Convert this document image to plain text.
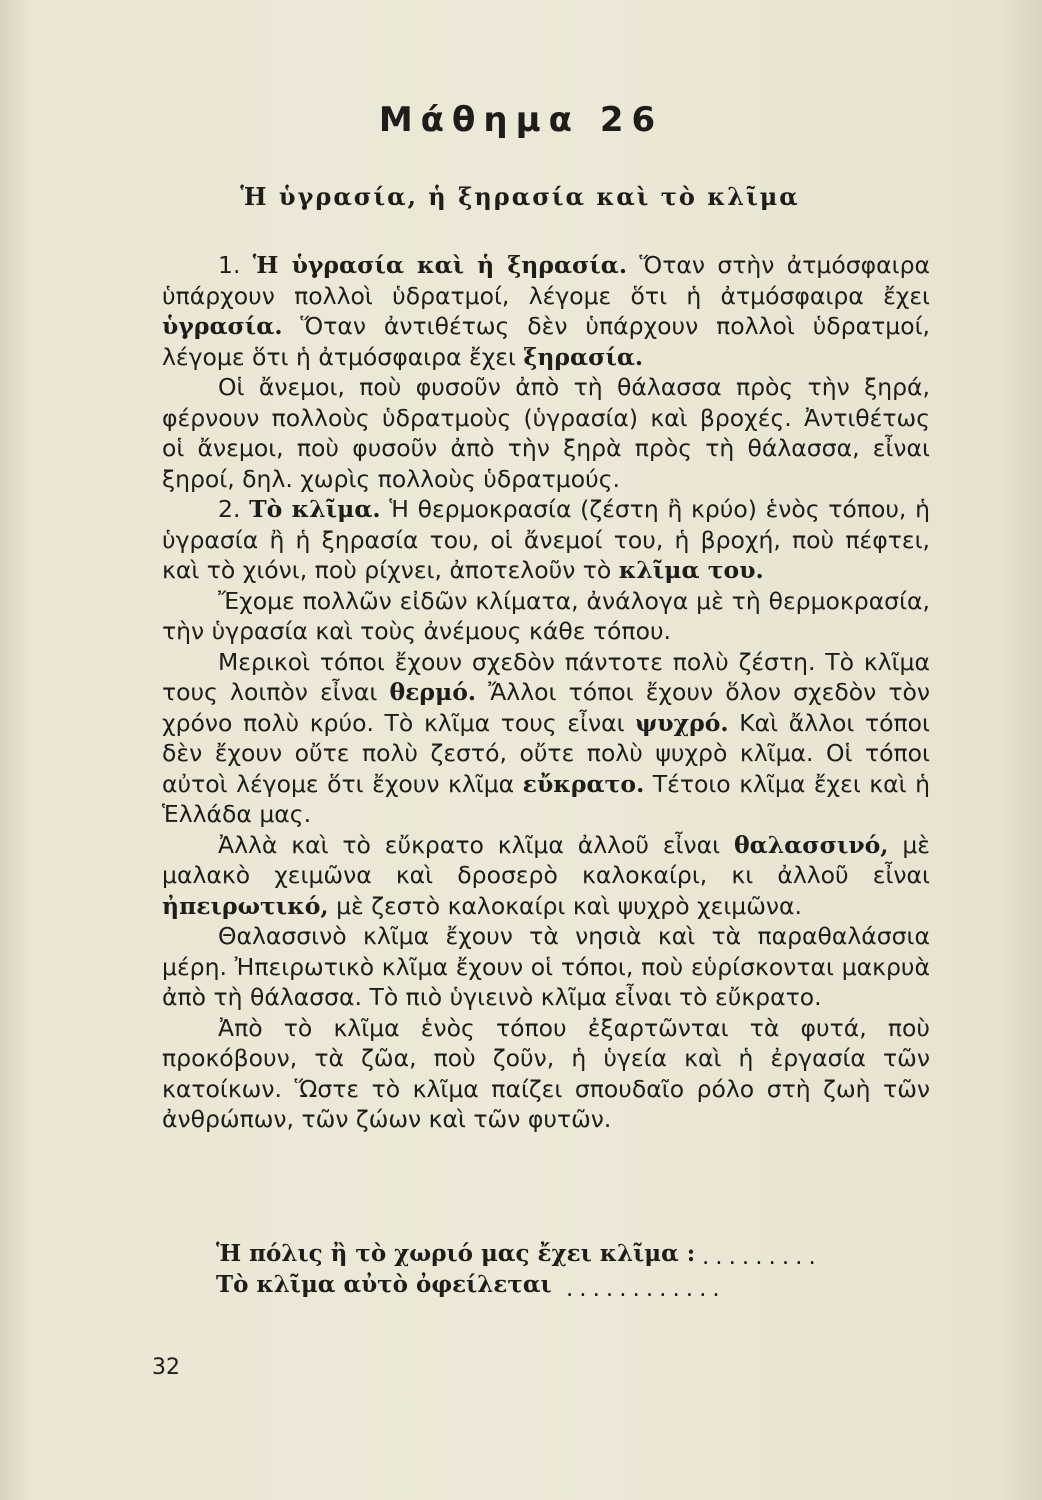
Μάθημα 26
Ἡ ὑγρασία, ἡ ξηρασία καὶ τὸ κλῖμα

1. Ἡ ὑγρασία καὶ ἡ ξηρασία. Ὅταν στὴν ἀτμόσφαιρα ὑπάρχουν πολλοὶ ὑδρατμοί, λέγομε ὅτι ἡ ἀτμόσφαιρα ἔχει ὑγρασία. Ὅταν ἀντιθέτως δὲν ὑπάρχουν πολλοὶ ὑδρατμοί, λέγομε ὅτι ἡ ἀτμόσφαιρα ἔχει ξηρασία.

Οἱ ἄνεμοι, ποὺ φυσοῦν ἀπὸ τὴ θάλασσα πρὸς τὴν ξηρά, φέρνουν πολλοὺς ὑδρατμοὺς (ὑγρασία) καὶ βροχές. Ἀντιθέτως οἱ ἄνεμοι, ποὺ φυσοῦν ἀπὸ τὴν ξηρὰ πρὸς τὴ θάλασσα, εἶναι ξηροί, δηλ. χωρὶς πολλοὺς ὑδρατμούς.

2. Τὸ κλῖμα. Ἡ θερμοκρασία (ζέστη ἢ κρύο) ἑνὸς τόπου, ἡ ὑγρασία ἢ ἡ ξηρασία του, οἱ ἄνεμοί του, ἡ βροχή, ποὺ πέφτει, καὶ τὸ χιόνι, ποὺ ρίχνει, ἀποτελοῦν τὸ κλῖμα του.

Ἔχομε πολλῶν εἰδῶν κλίματα, ἀνάλογα μὲ τὴ θερμοκρασία, τὴν ὑγρασία καὶ τοὺς ἀνέμους κάθε τόπου.

Μερικοὶ τόποι ἔχουν σχεδὸν πάντοτε πολὺ ζέστη. Τὸ κλῖμα τους λοιπὸν εἶναι θερμό. Ἄλλοι τόποι ἔχουν ὅλον σχεδὸν τὸν χρόνο πολὺ κρύο. Τὸ κλῖμα τους εἶναι ψυχρό. Καὶ ἄλλοι τόποι δὲν ἔχουν οὔτε πολὺ ζεστό, οὔτε πολὺ ψυχρὸ κλῖμα. Οἱ τόποι αὐτοὶ λέγομε ὅτι ἔχουν κλῖμα εὔκρατο. Τέτοιο κλῖμα ἔχει καὶ ἡ Ἑλλάδα μας.

Ἀλλὰ καὶ τὸ εὔκρατο κλῖμα ἀλλοῦ εἶναι θαλασσινό, μὲ μαλακὸ χειμῶνα καὶ δροσερὸ καλοκαίρι, κι ἀλλοῦ εἶναι ἠπειρωτικό, μὲ ζεστὸ καλοκαίρι καὶ ψυχρὸ χειμῶνα.

Θαλασσινὸ κλῖμα ἔχουν τὰ νησιὰ καὶ τὰ παραθαλάσσια μέρη. Ἠπειρωτικὸ κλῖμα ἔχουν οἱ τόποι, ποὺ εὑρίσκονται μακρυὰ ἀπὸ τὴ θάλασσα. Τὸ πιὸ ὑγιεινὸ κλῖμα εἶναι τὸ εὔκρατο.

Ἀπὸ τὸ κλῖμα ἑνὸς τόπου ἐξαρτῶνται τὰ φυτά, ποὺ προκόβουν, τὰ ζῶα, ποὺ ζοῦν, ἡ ὑγεία καὶ ἡ ἐργασία τῶν κατοίκων. Ὥστε τὸ κλῖμα παίζει σπουδαῖο ρόλο στὴ ζωὴ τῶν ἀνθρώπων, τῶν ζώων καὶ τῶν φυτῶν.

Ἡ πόλις ἢ τὸ χωριό μας ἔχει κλῖμα : .........
Τὸ κλῖμα αὐτὸ ὀφείλεται ............
32
